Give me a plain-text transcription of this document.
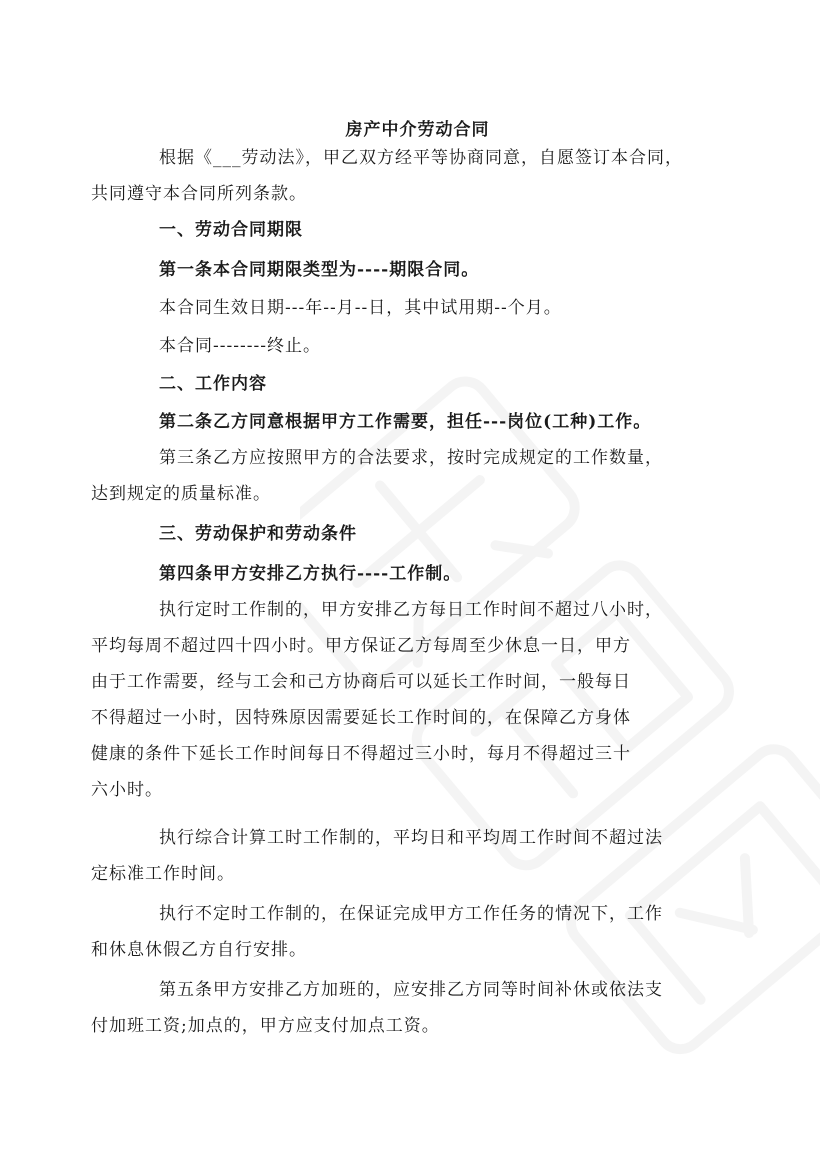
房产中介劳动合同
根据《___劳动法》，甲乙双方经平等协商同意，自愿签订本合同，
共同遵守本合同所列条款。
一、劳动合同期限
第一条本合同期限类型为----期限合同。
本合同生效日期---年--月--日，其中试用期--个月。
本合同--------终止。
二、工作内容
第二条乙方同意根据甲方工作需要，担任---岗位(工种)工作。
第三条乙方应按照甲方的合法要求，按时完成规定的工作数量，
达到规定的质量标准。
三、劳动保护和劳动条件
第四条甲方安排乙方执行----工作制。
执行定时工作制的，甲方安排乙方每日工作时间不超过八小时，
平均每周不超过四十四小时。甲方保证乙方每周至少休息一日，甲方
由于工作需要，经与工会和己方协商后可以延长工作时间，一般每日
不得超过一小时，因特殊原因需要延长工作时间的，在保障乙方身体
健康的条件下延长工作时间每日不得超过三小时，每月不得超过三十
六小时。
执行综合计算工时工作制的，平均日和平均周工作时间不超过法
定标准工作时间。
执行不定时工作制的，在保证完成甲方工作任务的情况下，工作
和休息休假乙方自行安排。
第五条甲方安排乙方加班的，应安排乙方同等时间补休或依法支
付加班工资;加点的，甲方应支付加点工资。
